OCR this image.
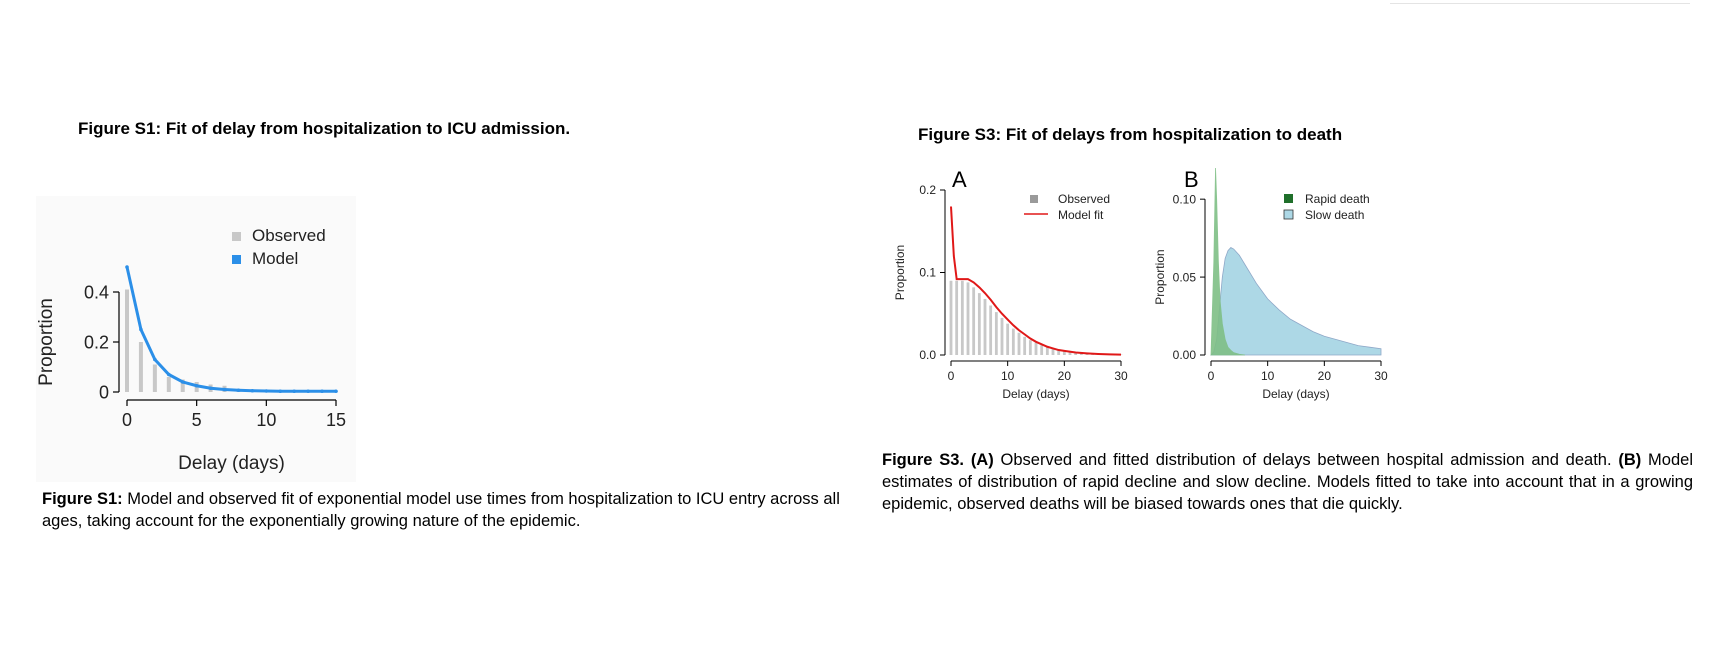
Figure S1: Fit of delay from hospitalization to ICU admission.
0	5	10	15
0
0.2
0.4
Delay (days)
Proportion
Observed
Model
Figure S1: Model and observed fit of exponential model use times from hospitalization to ICU entry across all ages, taking account for the exponentially growing nature of the epidemic.
Figure S3: Fit of delays from hospitalization to death
0	10	20	30
0.0
0.1
0.2
Delay (days)
Proportion
A
Observed
Model fit
0	10	20	30
0.00
0.05
0.10
Delay (days)
Proportion
B
Rapid death
Slow death
Figure S3. (A) Observed and fitted distribution of delays between hospital admission and death. (B) Model estimates of distribution of rapid decline and slow decline. Models fitted to take into account that in a growing epidemic, observed deaths will be biased towards ones that die quickly.
